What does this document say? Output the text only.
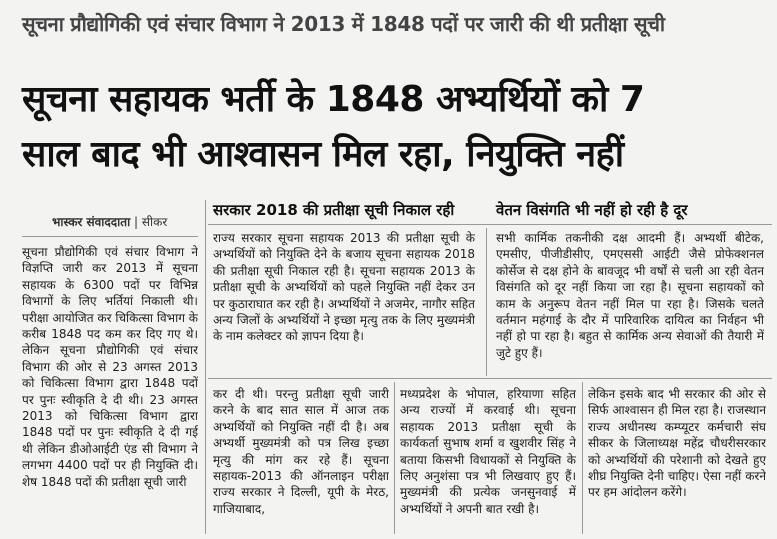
सूचना प्रौद्योगिकी एवं संचार विभाग ने 2013 में 1848 पदों पर जारी की थी प्रतीक्षा सूची
सूचना सहायक भर्ती के 1848 अभ्यर्थियों को 7
साल बाद भी आश्वासन मिल रहा, नियुक्ति नहीं
भास्कर संवाददाता | सीकर
सरकार 2018 की प्रतीक्षा सूची निकाल रही	वेतन विसंगति भी नहीं हो रही है दूर
सूचना प्रौद्योगिकी एवं संचार विभाग ने विज्ञप्ति जारी कर 2013 में सूचना सहायक के 6300 पदों पर विभिन्न विभागों के लिए भर्तियां निकाली थी। परीक्षा आयोजित कर चिकित्सा विभाग के करीब 1848 पद कम कर दिए गए थे। लेकिन सूचना प्रौद्योगिकी एवं संचार विभाग की ओर से 23 अगस्त 2013 को चिकित्सा विभाग द्वारा 1848 पदों पर पुनः स्वीकृति दे दी थी। 23 अगस्त 2013 को चिकित्सा विभाग द्वारा 1848 पदों पर पुनः स्वीकृति दे दी गई थी लेकिन डीओआईटी एंड सी विभाग ने लगभग 4400 पदों पर ही नियुक्ति दी। शेष 1848 पदों की प्रतीक्षा सूची जारी
राज्य सरकार सूचना सहायक 2013 की प्रतीक्षा सूची के अभ्यर्थियों को नियुक्ति देने के बजाय सूचना सहायक 2018 की प्रतीक्षा सूची निकाल रही है। सूचना सहायक 2013 के प्रतीक्षा सूची के अभ्यर्थियों को पहले नियुक्ति नहीं देकर उन पर कुठाराघात कर रही है। अभ्यर्थियों ने अजमेर, नागौर सहित अन्य जिलों के अभ्यर्थियों ने इच्छा मृत्यु तक के लिए मुख्यमंत्री के नाम कलेक्टर को ज्ञापन दिया है।
सभी कार्मिक तकनीकी दक्ष आदमी हैं। अभ्यर्थी बीटेक, एमसीए, पीजीडीसीए, एमएससी आईटी जैसे प्रोफेक्शनल कोर्सेज से दक्ष होने के बावजूद भी वर्षों से चली आ रही वेतन विसंगति को दूर नहीं किया जा रहा है। सूचना सहायकों को काम के अनुरूप वेतन नहीं मिल पा रहा है। जिसके चलते वर्तमान महंगाई के दौर में पारिवारिक दायित्व का निर्वहन भी नहीं हो पा रहा है। बहुत से कार्मिक अन्य सेवाओं की तैयारी में जुटे हुए हैं।
कर दी थी। परन्तु प्रतीक्षा सूची जारी करने के बाद सात साल में आज तक अभ्यर्थियों को नियुक्ति नहीं दी है। अब अभ्यर्थी मुख्यमंत्री को पत्र लिख इच्छा मृत्यु की मांग कर रहे हैं। सूचना सहायक-2013 की ऑनलाइन परीक्षा राज्य सरकार ने दिल्ली, यूपी के मेरठ, गाजियाबाद,
मध्यप्रदेश के भोपाल, हरियाणा सहित अन्य राज्यों में करवाई थी। सूचना सहायक 2013 प्रतीक्षा सूची के कार्यकर्ता सुभाष शर्मा व खुशवीर सिंह ने बताया किसभी विधायकों से नियुक्ति के लिए अनुशंसा पत्र भी लिखवाए हुए हैं। मुख्यमंत्री की प्रत्येक जनसुनवाई में अभ्यर्थियों ने अपनी बात रखी है।
लेकिन इसके बाद भी सरकार की ओर से सिर्फ आश्वासन ही मिल रहा है। राजस्थान राज्य अधीनस्थ कम्प्यूटर कर्मचारी संघ सीकर के जिलाध्यक्ष महेंद्र चौधरीसरकार को अभ्यर्थियों की परेशानी को देखते हुए शीघ्र नियुक्ति देनी चाहिए। ऐसा नहीं करने पर हम आंदोलन करेंगे।
